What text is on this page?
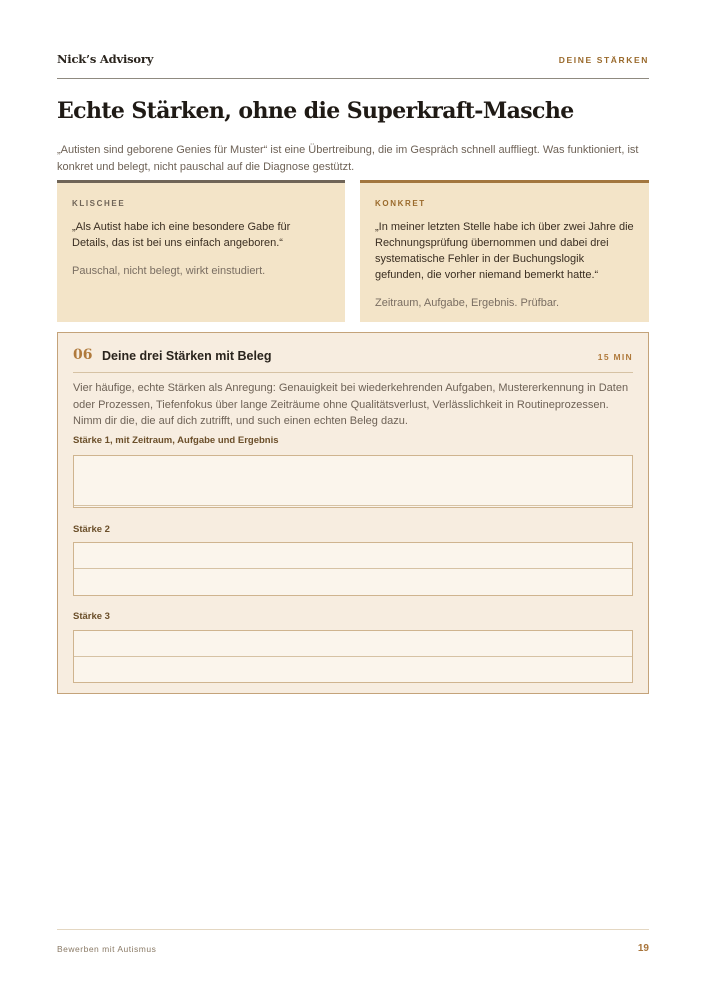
Nick’s Advisory	DEINE STÄRKEN
Echte Stärken, ohne die Superkraft-Masche

„Autisten sind geborene Genies für Muster“ ist eine Übertreibung, die im Gespräch schnell auffliegt. Was funktioniert, ist konkret und belegt, nicht pauschal auf die Diagnose gestützt.

KLISCHEE

„Als Autist habe ich eine besondere Gabe für Details, das ist bei uns einfach angeboren.“

Pauschal, nicht belegt, wirkt einstudiert.

KONKRET

„In meiner letzten Stelle habe ich über zwei Jahre die Rechnungsprüfung übernommen und dabei drei systematische Fehler in der Buchungslogik gefunden, die vorher niemand bemerkt hatte.“

Zeitraum, Aufgabe, Ergebnis. Prüfbar.

06 Deine drei Stärken mit Beleg	15 MIN

Vier häufige, echte Stärken als Anregung: Genauigkeit bei wiederkehrenden Aufgaben, Mustererkennung in Daten oder Prozessen, Tiefenfokus über lange Zeiträume ohne Qualitätsverlust, Verlässlichkeit in Routineprozessen. Nimm dir die, die auf dich zutrifft, und such einen echten Beleg dazu.

Stärke 1, mit Zeitraum, Aufgabe und Ergebnis
Stärke 2
Stärke 3
Bewerben mit Autismus	19
